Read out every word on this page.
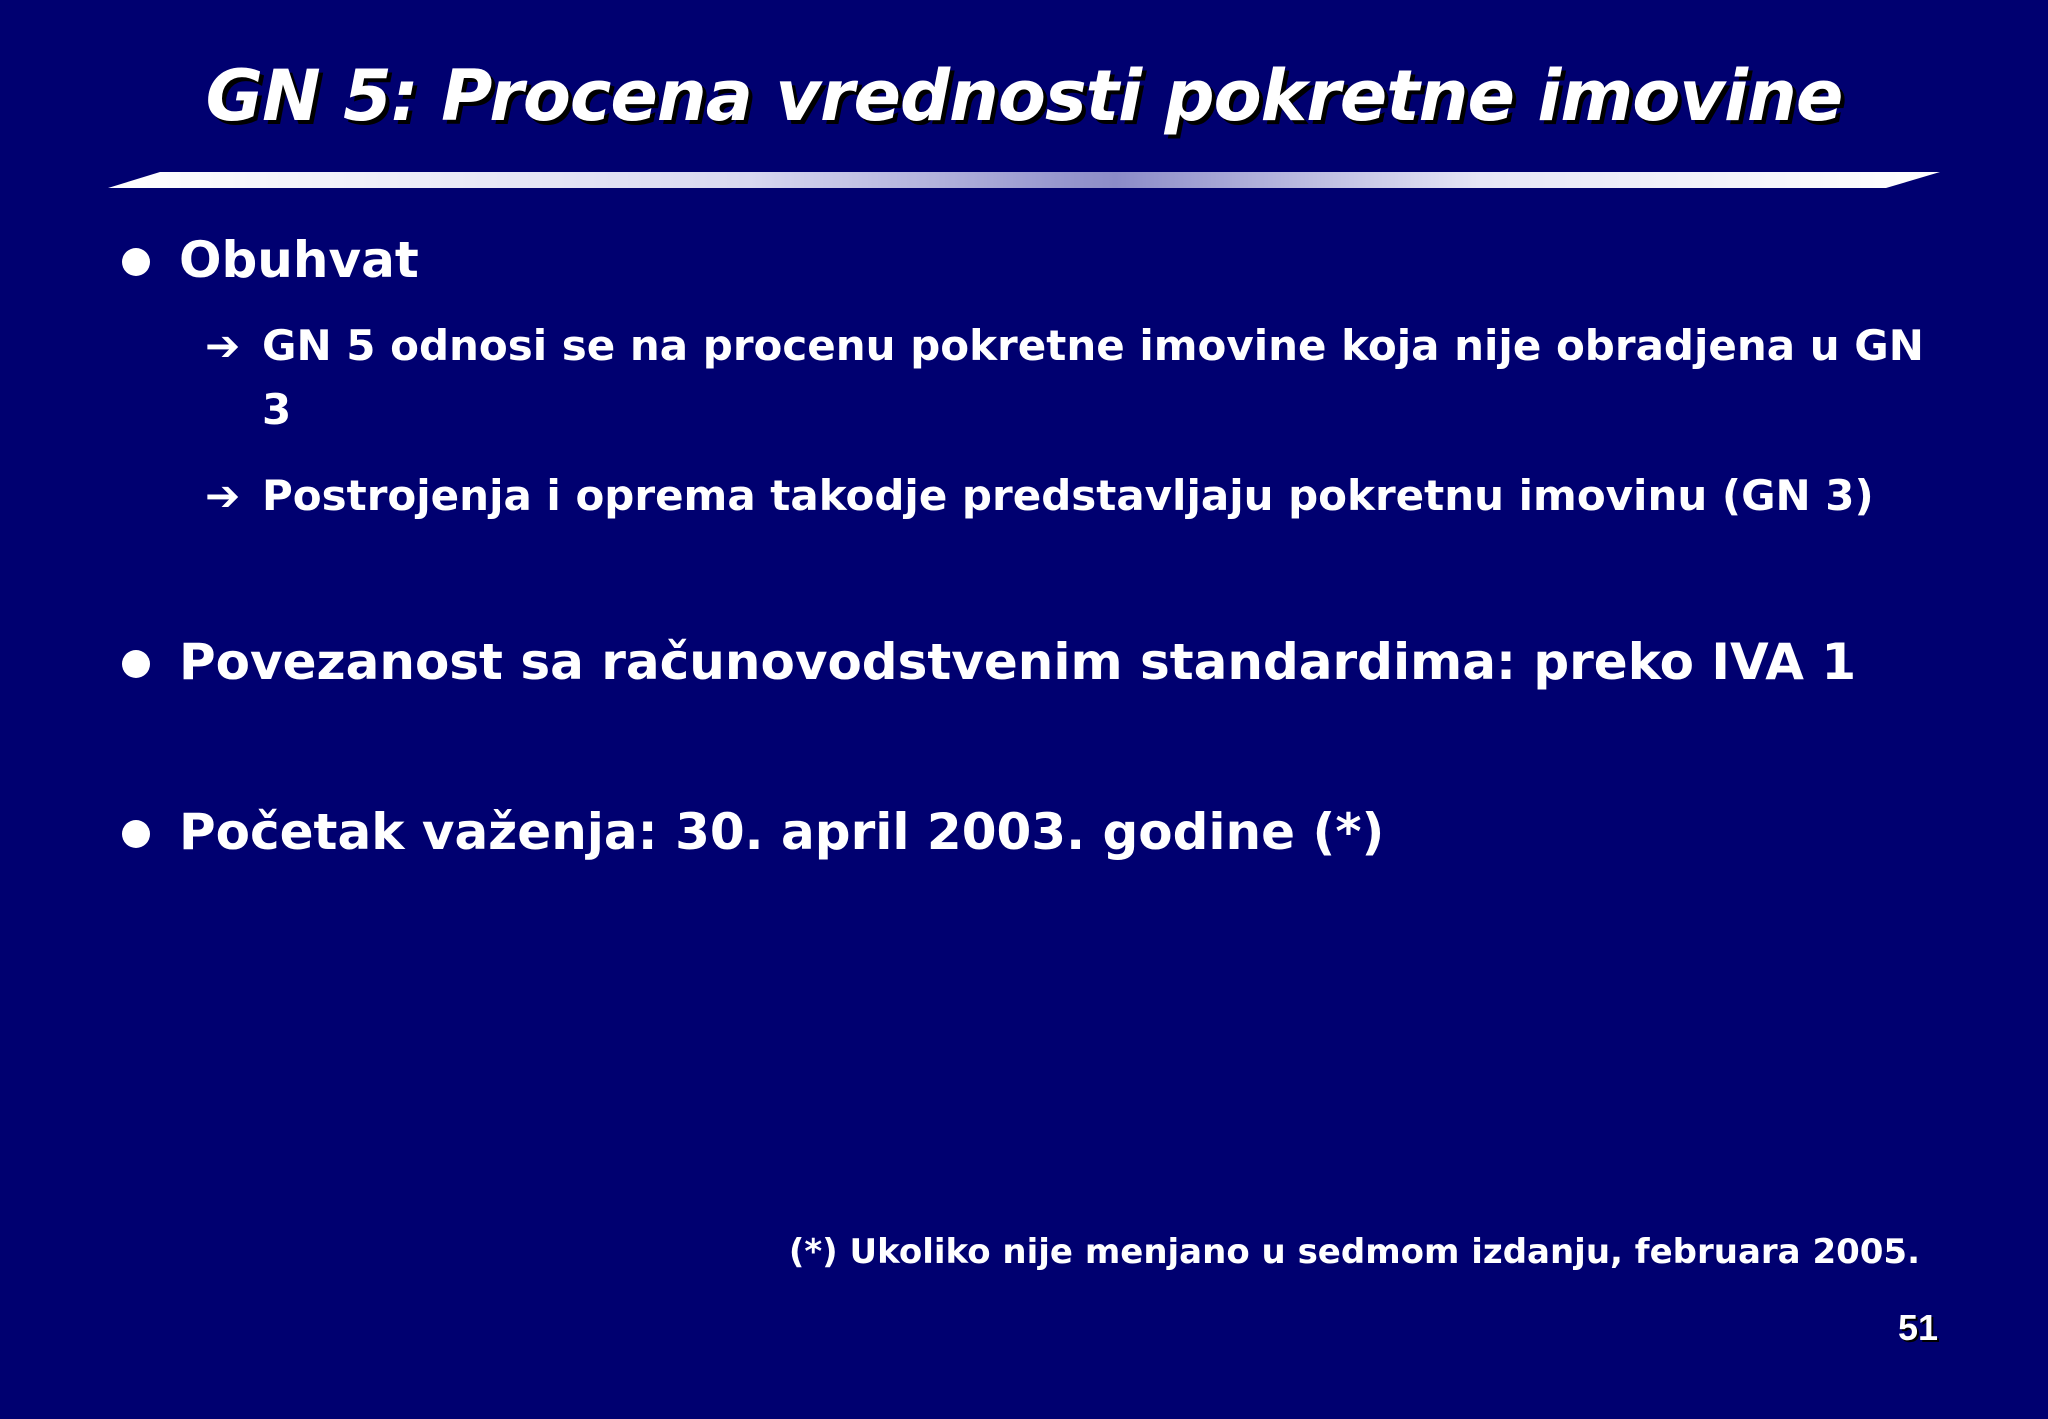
GN 5: Procena vrednosti pokretne imovine
Obuhvat
➔ GN 5 odnosi se na procenu pokretne imovine koja nije obradjena u GN 3
➔ Postrojenja i oprema takodje predstavljaju pokretnu imovinu (GN 3)
Povezanost sa računovodstvenim standardima: preko IVA 1
Početak važenja: 30. april 2003. godine (*)
(*) Ukoliko nije menjano u sedmom izdanju, februara 2005.
51
